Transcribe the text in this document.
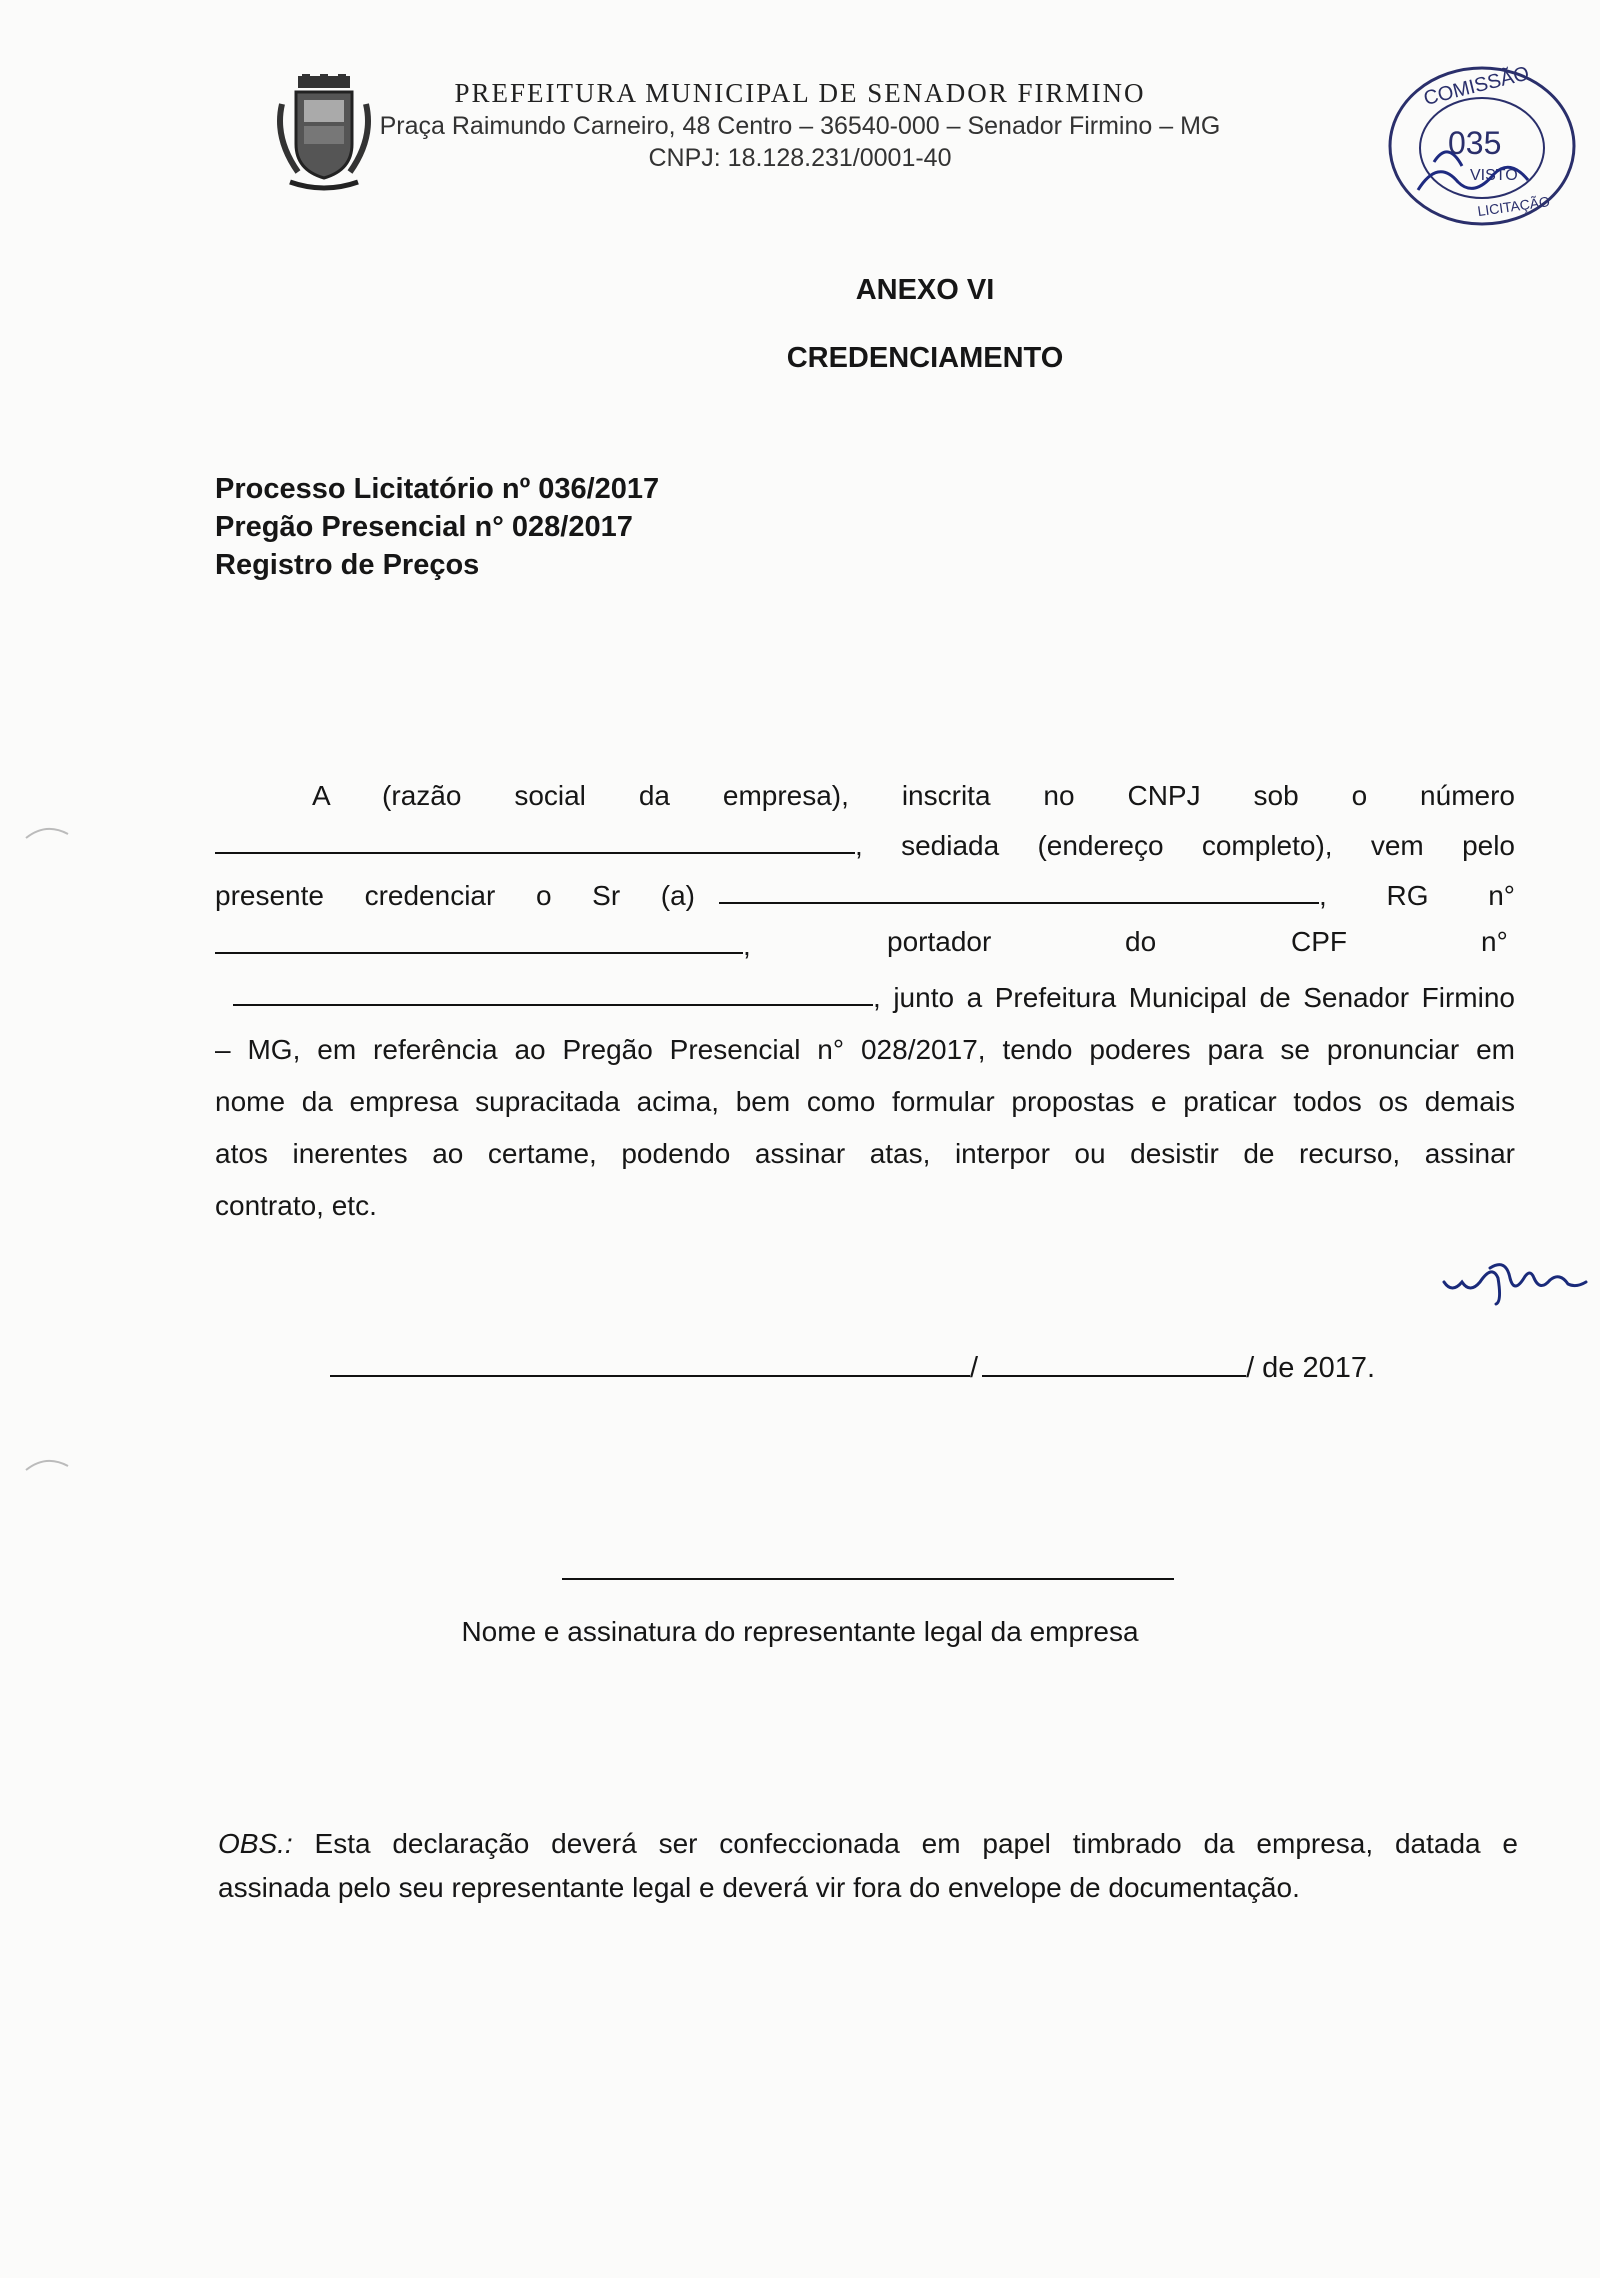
PREFEITURA MUNICIPAL DE SENADOR FIRMINO
Praça Raimundo Carneiro, 48 Centro – 36540-000 – Senador Firmino – MG
CNPJ: 18.128.231/0001-40
COMISSÃO
035
VISTO
LICITAÇÃO
ANEXO VI
CREDENCIAMENTO
Processo Licitatório nº 036/2017
Pregão Presencial n° 028/2017
Registro de Preços
A     (razão     social     da     empresa),     inscrita     no     CNPJ     sob     o     número
, sediada (endereço completo), vem pelo
presente credenciar o Sr (a)	, RG n°
,	portador	do	CPF	n°
, junto a Prefeitura Municipal de Senador Firmino
– MG, em referência ao Pregão Presencial n° 028/2017, tendo poderes para se pronunciar em
nome da empresa supracitada acima, bem como formular propostas e praticar todos os demais
atos inerentes ao certame, podendo assinar atas, interpor ou desistir de recurso, assinar
contrato, etc.
/	/ de 2017.
Nome e assinatura do representante legal da empresa
OBS.: Esta declaração deverá ser confeccionada em papel timbrado da empresa, datada e
assinada pelo seu representante legal e deverá vir fora do envelope de documentação.
